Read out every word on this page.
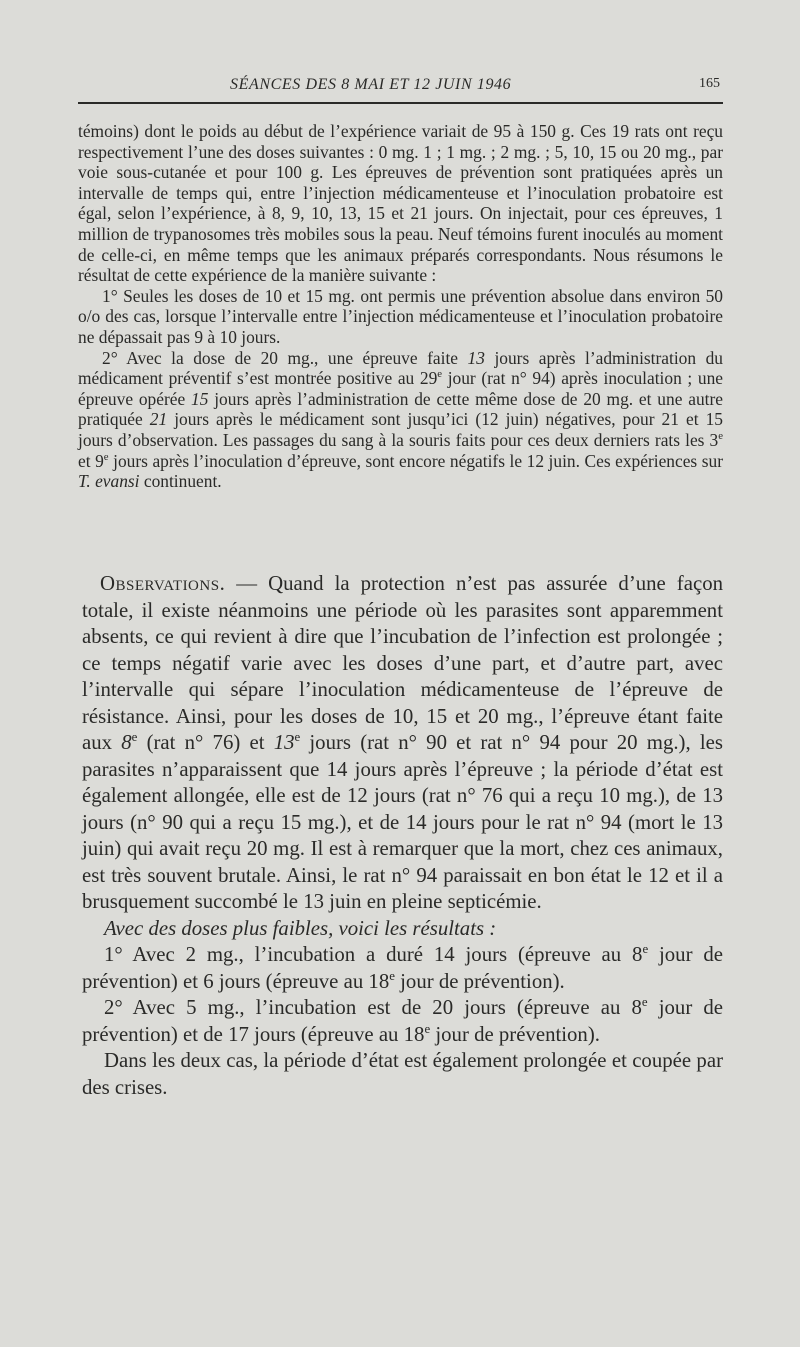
SÉANCES DES 8 MAI ET 12 JUIN 1946	165

témoins) dont le poids au début de l’expérience variait de 95 à 150 g. Ces 19 rats ont reçu respectivement l’une des doses suivantes : 0 mg. 1 ; 1 mg. ; 2 mg. ; 5, 10, 15 ou 20 mg., par voie sous-cutanée et pour 100 g. Les épreuves de prévention sont pratiquées après un intervalle de temps qui, entre l’injection médicamenteuse et l’inoculation probatoire est égal, selon l’expérience, à 8, 9, 10, 13, 15 et 21 jours. On injectait, pour ces épreuves, 1 million de trypanosomes très mobiles sous la peau. Neuf témoins furent inoculés au moment de celle-ci, en même temps que les animaux préparés correspondants. Nous résumons le résultat de cette expérience de la manière suivante :

1° Seules les doses de 10 et 15 mg. ont permis une prévention absolue dans environ 50 o/o des cas, lorsque l’intervalle entre l’injection médicamenteuse et l’inoculation probatoire ne dépassait pas 9 à 10 jours.

2° Avec la dose de 20 mg., une épreuve faite 13 jours après l’administration du médicament préventif s’est montrée positive au 29e jour (rat n° 94) après inoculation ; une épreuve opérée 15 jours après l’administration de cette même dose de 20 mg. et une autre pratiquée 21 jours après le médicament sont jusqu’ici (12 juin) négatives, pour 21 et 15 jours d’observation. Les passages du sang à la souris faits pour ces deux derniers rats les 3e et 9e jours après l’inoculation d’épreuve, sont encore négatifs le 12 juin. Ces expériences sur T. evansi continuent.

Observations. — Quand la protection n’est pas assurée d’une façon totale, il existe néanmoins une période où les parasites sont apparemment absents, ce qui revient à dire que l’incubation de l’infection est prolongée ; ce temps négatif varie avec les doses d’une part, et d’autre part, avec l’intervalle qui sépare l’inoculation médicamenteuse de l’épreuve de résistance. Ainsi, pour les doses de 10, 15 et 20 mg., l’épreuve étant faite aux 8e (rat n° 76) et 13e jours (rat n° 90 et rat n° 94 pour 20 mg.), les parasites n’apparaissent que 14 jours après l’épreuve ; la période d’état est également allongée, elle est de 12 jours (rat n° 76 qui a reçu 10 mg.), de 13 jours (n° 90 qui a reçu 15 mg.), et de 14 jours pour le rat n° 94 (mort le 13 juin) qui avait reçu 20 mg. Il est à remarquer que la mort, chez ces animaux, est très souvent brutale. Ainsi, le rat n° 94 paraissait en bon état le 12 et il a brusquement succombé le 13 juin en pleine septicémie.

Avec des doses plus faibles, voici les résultats :

1° Avec 2 mg., l’incubation a duré 14 jours (épreuve au 8e jour de prévention) et 6 jours (épreuve au 18e jour de prévention).

2° Avec 5 mg., l’incubation est de 20 jours (épreuve au 8e jour de prévention) et de 17 jours (épreuve au 18e jour de prévention).

Dans les deux cas, la période d’état est également prolongée et coupée par des crises.
